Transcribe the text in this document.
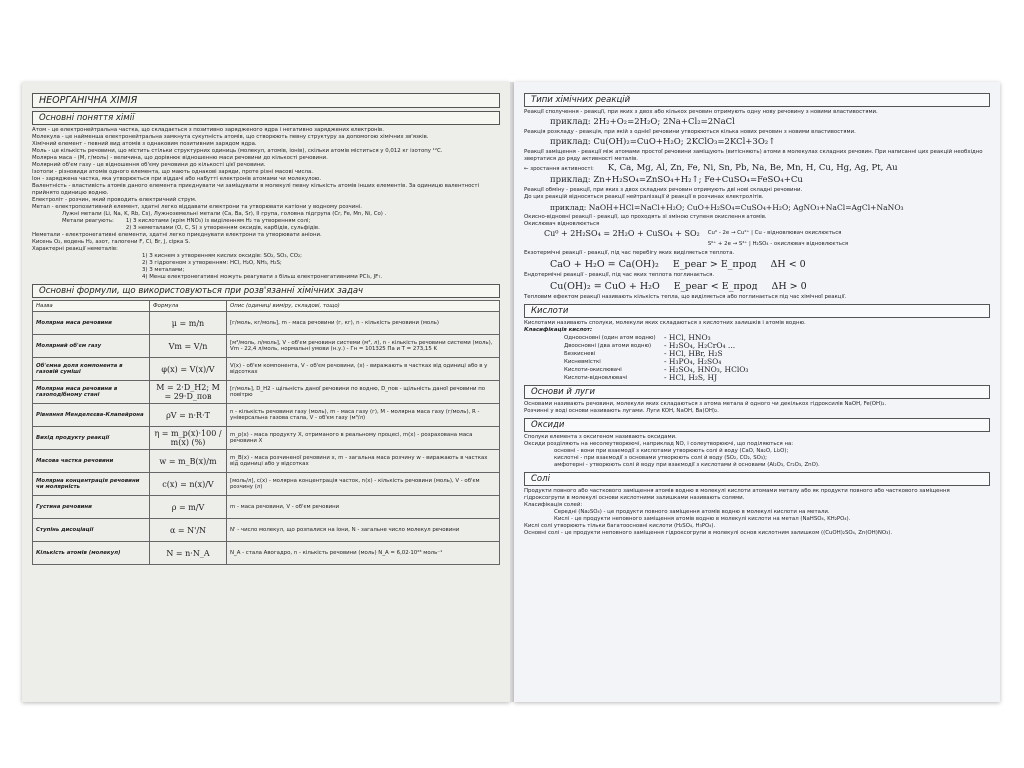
НЕОРГАНІЧНА ХІМІЯ
Основні поняття хімії

Атом - це електронейтральна частка, що складається з позитивно зарядженого ядра і негативно заряджених електронів.

Молекула - це найменша електронейтральна замкнута сукупність атомів, що створюють певну структуру за допомогою хімічних зв'язків.

Хімічний елемент - певний вид атомів з однаковим позитивним зарядом ядра.

Моль - це кількість речовини, що містить стільки структурних одиниць (молекул, атомів, іонів), скільки атомів міститься у 0,012 кг ізотопу ¹²C.

Молярна маса - (M, г/моль) - величина, що дорівнює відношенню маси речовини до кількості речовини.

Молярний об'єм газу - це відношення об'єму речовини до кількості цієї речовини.

Ізотопи - різновиди атомів одного елемента, що мають однакові заряди, проте різні масові числа.

Іон - заряджена частка, яка утворюється при віддачі або набутті електронів атомами чи молекулою.

Валентність - властивість атомів даного елемента приєднувати чи заміщувати в молекулі певну кількість атомів інших елементів. За одиницю валентності прийнято одиницю водню.

Електроліт - розчин, який проводить електричний струм.

Метал - електропозитивний елемент, здатні легко віддавати електрони та утворювати катіони у водному розчині.

Лужні метали (Li, Na, K, Rb, Cs), Лужноземельні метали (Ca, Ba, Sr), ІІ група, головна підгрупа (Cr, Fe, Mn, Ni, Co) .

Метали реагують: 1) З кислотами (крім HNO₃) із виділенням H₂ та утворенням солі;

2) З неметалами (O, C, S) з утворенням оксидів, карбідів, сульфідів.

Неметали - електронегативні елементи, здатні легко приєднувати електрони та утворювати аніони.

Кисень O₂, водень H₂, азот, галогени F, Cl, Br, J, сірка S.

Характерні реакції неметалів:

1) З киснем з утворенням кислих оксидів: SO₂, SO₃, CO₂;

2) З гідрогеном з утворенням: HCl, H₂O, NH₃, H₂S;

3) З металами;

4) Менш електронегативні можуть реагувати з більш електронегативними PCl₅, JF₇.

Основні формули, що використовуються при розв'язанні хімічних задач
Назва	Формула	Опис (одиниці виміру, складові, тощо)
Молярна маса речовини	μ = m/n	[г/моль, кг/моль], m - маса речовини (г, кг), n - кількість речовини (моль)
Молярний об'єм газу	Vm = V/n	[м³/моль, л/моль], V - об'єм речовини системи (м³, л), n - кількість речовини системи (моль), Vm - 22,4 л/моль, нормальні умови (н.у.) - Гн = 101325 Па и T = 273,15 K
Об'ємна доля компонента в газовій суміші	φ(x) = V(x)/V	V(x) - об'єм компонента, V - об'єм речовини, (x) - виражають в частках від одиниці або в у відсотках
Молярна маса речовини в газоподібному стані	M = 2·D_H2; M = 29·D_пов	[г/моль], D_H2 - щільність даної речовини по водню, D_пов - щільність даної речовини по повітрю
Рівняння Менделєєва-Клапейрона	ρV = n·R·T	n - кількість речовини газу (моль), m - маса газу (г), M - молярна маса газу (г/моль), R - універсальна газова стала, V - об'єм газу (м³/л)
Вихід продукту реакції	η = m_p(x)·100 / m(x) (%)	m_p(x) - маса продукту X, отриманого в реальному процесі, m(x) - розрахована маса речовини X
Масова частка речовини	w = m_B(x)/m	m_B(x) - маса розчиненої речовини x, m - загальна маса розчину w - виражають в частках від одиниці або у відсотках
Молярна концентрація речовини чи молярність	c(x) = n(x)/V	[моль/л], c(x) - молярна концентрація часток, n(x) - кількість речовини (моль), V - об'єм розчину (л)
Густина речовини	ρ = m/V	m - маса речовини, V - об'єм речовини
Ступінь дисоціації	α = N'/N	N' - число молекул, що розпалися на іони, N - загальне число молекул речовини
Кількість атомів (молекул)	N = n·N_A	N_A - стала Авогадро, n - кількість речовини (моль) N_A = 6,02·10²³ моль⁻¹
Типи хімічних реакцій

Реакції сполучення - реакції, при яких з двох або кількох речовин отримують одну нову речовину з новими властивостями.

приклад: 2H₂+O₂=2H₂O; 2Na+Cl₂=2NaCl

Реакція розкладу - реакція, при якій з однієї речовини утворюються кілька нових речовин з новими властивостями.

приклад: Cu(OH)₂=CuO+H₂O; 2KClO₃=2KCl+3O₂↑

Реакції заміщення - реакції між атомами простої речовини заміщують (витісняють) атоми в молекулах складних речовин. При написанні цих реакцій необхідно звертатися до ряду активності металів.

← зростання активності: K, Ca, Mg, Al, Zn, Fe, Ni, Sn, Pb, Na, Be, Mn, H, Cu, Hg, Ag, Pt, Au

приклад: Zn+H₂SO₄=ZnSO₄+H₂↑; Fe+CuSO₄=FeSO₄+Cu

Реакції обміну - реакції, при яких з двох складних речовин отримують дві нові складні речовини.

До цих реакцій відносяться реакції нейтралізації й реакції в розчинах електролітів.

приклад: NaOH+HCl=NaCl+H₂O; CuO+H₂SO₄=CuSO₄+H₂O; AgNO₃+NaCl=AgCl+NaNO₃

Окисно-відновні реакції - реакції, що проходять зі зміною ступеня окислення атомів.

Окислювач відновлюється

Cu⁰ + 2H₂SO₄ = 2H₂O + CuSO₄ + SO₂ Cu⁰ - 2e → Cu²⁺ | Cu - відновлювач окислюється
S⁶⁺ + 2e → S⁴⁺ | H₂SO₄ - окислювач відновлюється

Екзотермічні реакції - реакції, під час перебігу яких виділяється теплота.

CaO + H₂O = Ca(OH)₂ E_реаг > E_прод ΔH < 0

Ендотермічні реакції - реакції, під час яких теплота поглинається.

Cu(OH)₂ = CuO + H₂O E_реаг < E_прод ΔH > 0

Тепловим ефектом реакції називають кількість тепла, що виділяється або поглинається під час хімічної реакції.

Кислоти

Кислотами називають сполуки, молекули яких складаються з кислотних залишків і атомів водню.

Класифікація кислот:

Одноосновні (один атом водню)	- HCl, HNO₃
Двоосновні (два атоми водню)	- H₂SO₄, H₂CrO₄ ...
Безкисневі	- HCl, HBr, H₂S
Кисневмісткі	- H₃PO₄, H₂SO₄
Кислоти-окислювачі	- H₂SO₄, HNO₃, HClO₃
Кислоти-відновлювачі	- HCl, H₂S, HJ
Основи й луги

Основами називають речовини, молекули яких складаються з атома метала й одного чи декількох гідроксилів NaOH, Fe(OH)₂.

Розчинні у воді основи називають лугами. Луги KOH, NaOH, Ba(OH)₂.

Оксиди

Сполуки елемента з оксигеном називають оксидами.

Оксиди розділяють на несолеутворюючі, наприклад NO, і солеутворюючі, що поділяються на:

основні - вони при взаємодії з кислотами утворюють солі й воду (CaO, Na₂O, Li₂O);

кислотні - при взаємодії з основами утворюють солі й воду (SO₂, CO₂, SO₃);

амфотерні - утворюють солі й воду при взаємодії з кислотами й основами (Al₂O₃, Cr₂O₃, ZnO).

Солі

Продукти повного або часткового заміщення атомів водню в молекулі кислоти атомами металу або як продукти повного або часткового заміщення гідроксогрупи в молекулі основи кислотними залишками називають солями.

Класифікація солей:

Середні (Na₂SO₄) - це продукти повного заміщення атомів водню в молекулі кислоти на метали.

Кислі - це продукти неповного заміщення атомів водню в молекулі кислоти на метал (NaHSO₄, KH₂PO₄).

Кислі солі утворюють тільки багатоосновні кислоти (H₂SO₄, H₃PO₄).

Основні солі - це продукти неповного заміщення гідроксогрупи в молекулі основ кислотним залишком ((CuOH)₂SO₄, Zn(OH)NO₃).
